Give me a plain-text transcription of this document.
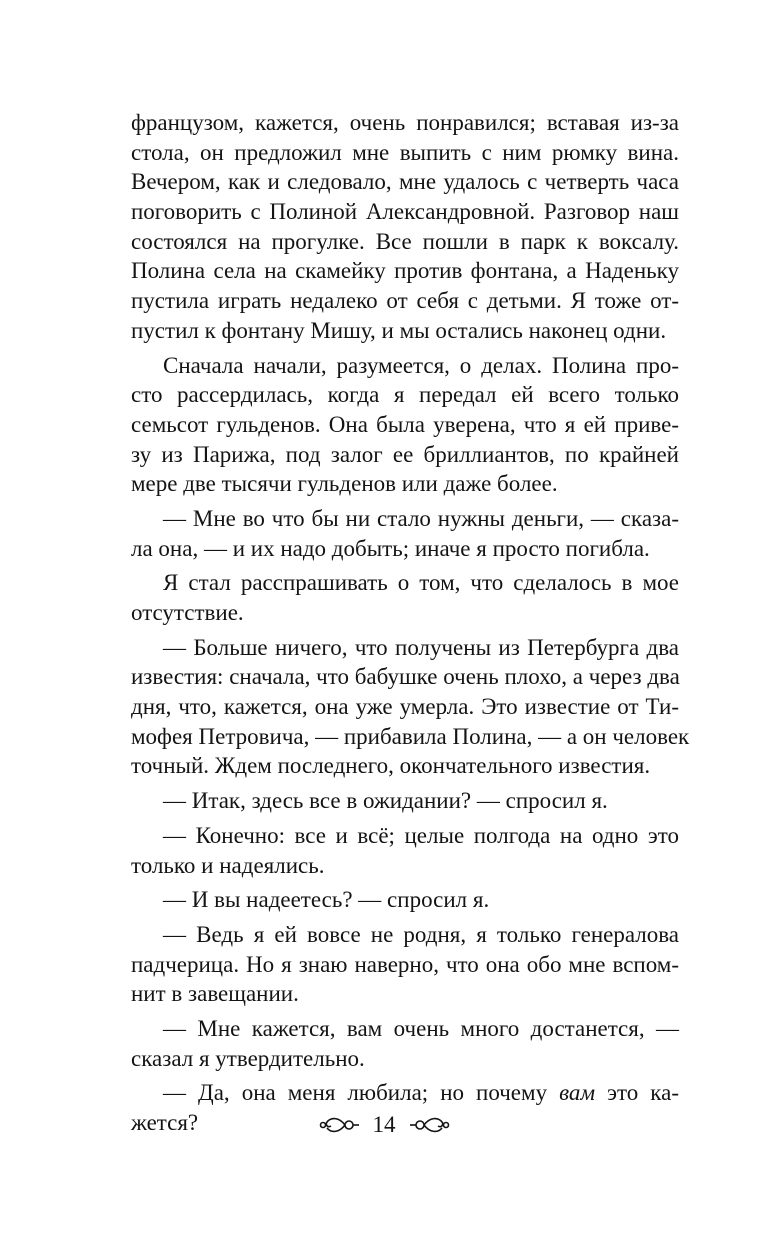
французом, кажется, очень понравился; вставая из-за
стола, он предложил мне выпить с ним рюмку вина.
Вечером, как и следовало, мне удалось с четверть часа
поговорить с Полиной Александровной. Разговор наш
состоялся на прогулке. Все пошли в парк к воксалу.
Полина села на скамейку против фонтана, а Наденьку
пустила играть недалеко от себя с детьми. Я тоже от-
пустил к фонтану Мишу, и мы остались наконец одни.
Сначала начали, разумеется, о делах. Полина про-
сто рассердилась, когда я передал ей всего только
семьсот гульденов. Она была уверена, что я ей приве-
зу из Парижа, под залог ее бриллиантов, по крайней
мере две тысячи гульденов или даже более.
— Мне во что бы ни стало нужны деньги, — сказа-
ла она, — и их надо добыть; иначе я просто погибла.
Я стал расспрашивать о том, что сделалось в мое
отсутствие.
— Больше ничего, что получены из Петербурга два
известия: сначала, что бабушке очень плохо, а через два
дня, что, кажется, она уже умерла. Это известие от Ти-
мофея Петровича, — прибавила Полина, — а он человек
точный. Ждем последнего, окончательного известия.
— Итак, здесь все в ожидании? — спросил я.
— Конечно: все и всё; целые полгода на одно это
только и надеялись.
— И вы надеетесь? — спросил я.
— Ведь я ей вовсе не родня, я только генералова
падчерица. Но я знаю наверно, что она обо мне вспом-
нит в завещании.
— Мне кажется, вам очень много достанется, —
сказал я утвердительно.
— Да, она меня любила; но почему вам это ка-
жется?	14
